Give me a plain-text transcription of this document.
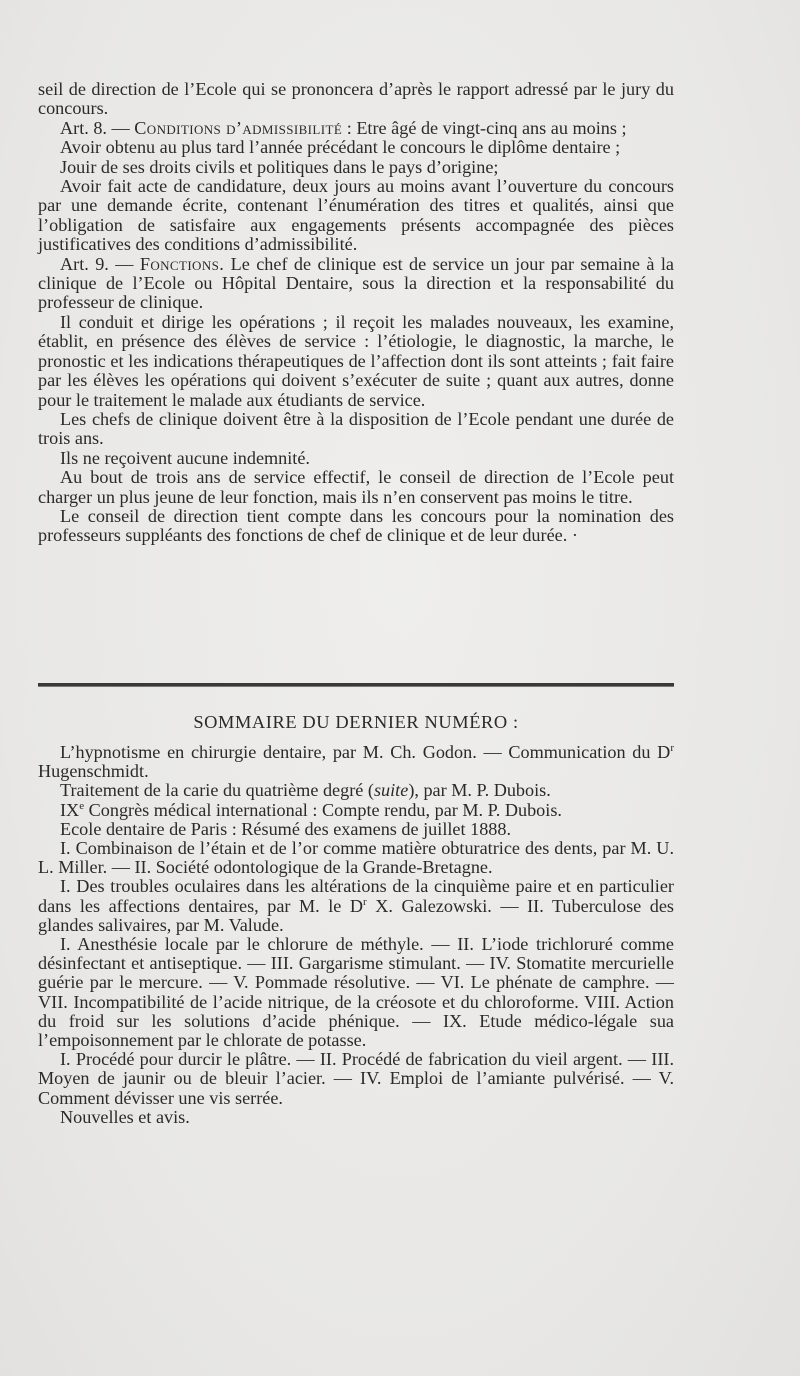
seil de direction de l’Ecole qui se prononcera d’après le rapport adressé par le jury du concours.

Art. 8. — Conditions d’admissibilité : Etre âgé de vingt-cinq ans au moins ;

Avoir obtenu au plus tard l’année précédant le concours le diplôme dentaire ;

Jouir de ses droits civils et politiques dans le pays d’origine;

Avoir fait acte de candidature, deux jours au moins avant l’ouverture du concours par une demande écrite, contenant l’énumération des titres et qualités, ainsi que l’obligation de satisfaire aux engagements présents accompagnée des pièces justificatives des conditions d’admissibilité.

Art. 9. — Fonctions. Le chef de clinique est de service un jour par semaine à la clinique de l’Ecole ou Hôpital Dentaire, sous la direction et la responsabilité du professeur de clinique.

Il conduit et dirige les opérations ; il reçoit les malades nouveaux, les examine, établit, en présence des élèves de service : l’étiologie, le diagnostic, la marche, le pronostic et les indications thérapeutiques de l’affection dont ils sont atteints ; fait faire par les élèves les opérations qui doivent s’exécuter de suite ; quant aux autres, donne pour le traitement le malade aux étudiants de service.

Les chefs de clinique doivent être à la disposition de l’Ecole pendant une durée de trois ans.

Ils ne reçoivent aucune indemnité.

Au bout de trois ans de service effectif, le conseil de direction de l’Ecole peut charger un plus jeune de leur fonction, mais ils n’en conservent pas moins le titre.

Le conseil de direction tient compte dans les concours pour la nomination des professeurs suppléants des fonctions de chef de clinique et de leur durée. ·

SOMMAIRE DU DERNIER NUMÉRO :

L’hypnotisme en chirurgie dentaire, par M. Ch. Godon. — Communication du $D^r$ Hugenschmidt.

Traitement de la carie du quatrième degré (suite), par M. P. Dubois.

IXe Congrès médical international : Compte rendu, par M. P. Dubois.

Ecole dentaire de Paris : Résumé des examens de juillet 1888.

I. Combinaison de l’étain et de l’or comme matière obturatrice des dents, par M. U. L. Miller. — II. Société odontologique de la Grande-Bretagne.

I. Des troubles oculaires dans les altérations de la cinquième paire et en particulier dans les affections dentaires, par M. le $D^r$ X. Galezowski. — II. Tuberculose des glandes salivaires, par M. Valude.

I. Anesthésie locale par le chlorure de méthyle. — II. L’iode trichloruré comme désinfectant et antiseptique. — III. Gargarisme stimulant. — IV. Stomatite mercurielle guérie par le mercure. — V. Pommade résolutive. — VI. Le phénate de camphre. — VII. Incompatibilité de l’acide nitrique, de la créosote et du chloroforme. VIII. Action du froid sur les solutions d’acide phénique. — IX. Etude médico-légale sua l’empoisonnement par le chlorate de potasse.

I. Procédé pour durcir le plâtre. — II. Procédé de fabrication du vieil argent. — III. Moyen de jaunir ou de bleuir l’acier. — IV. Emploi de l’amiante pulvérisé. — V. Comment dévisser une vis serrée.

Nouvelles et avis.
